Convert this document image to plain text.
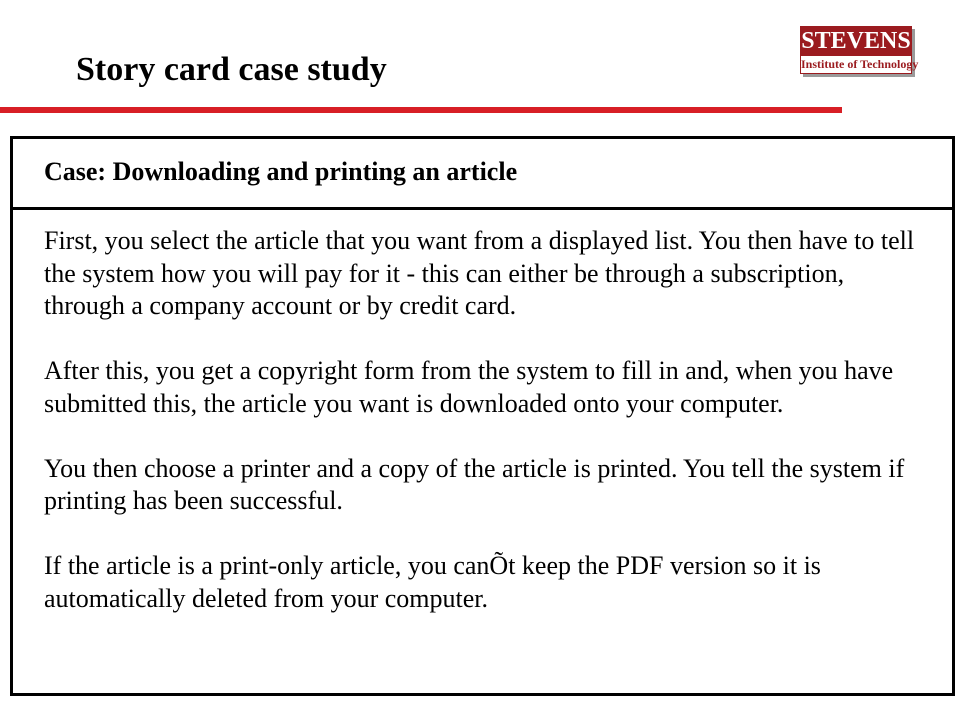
Story card case study
STEVENS
Institute of Technology
Case: Downloading and printing an article

First, you select the article that you want from a displayed list. You then have to tell the system how you will pay for it - this can either be through a subscription, through a company account or by credit card.

After this, you get a copyright form from the system to fill in and, when you have submitted this, the article you want is downloaded onto your computer.

You then choose a printer and a copy of the article is printed. You tell the system if printing has been successful.

If the article is a print-only article, you canÕt keep the PDF version so it is automatically deleted from your computer.
